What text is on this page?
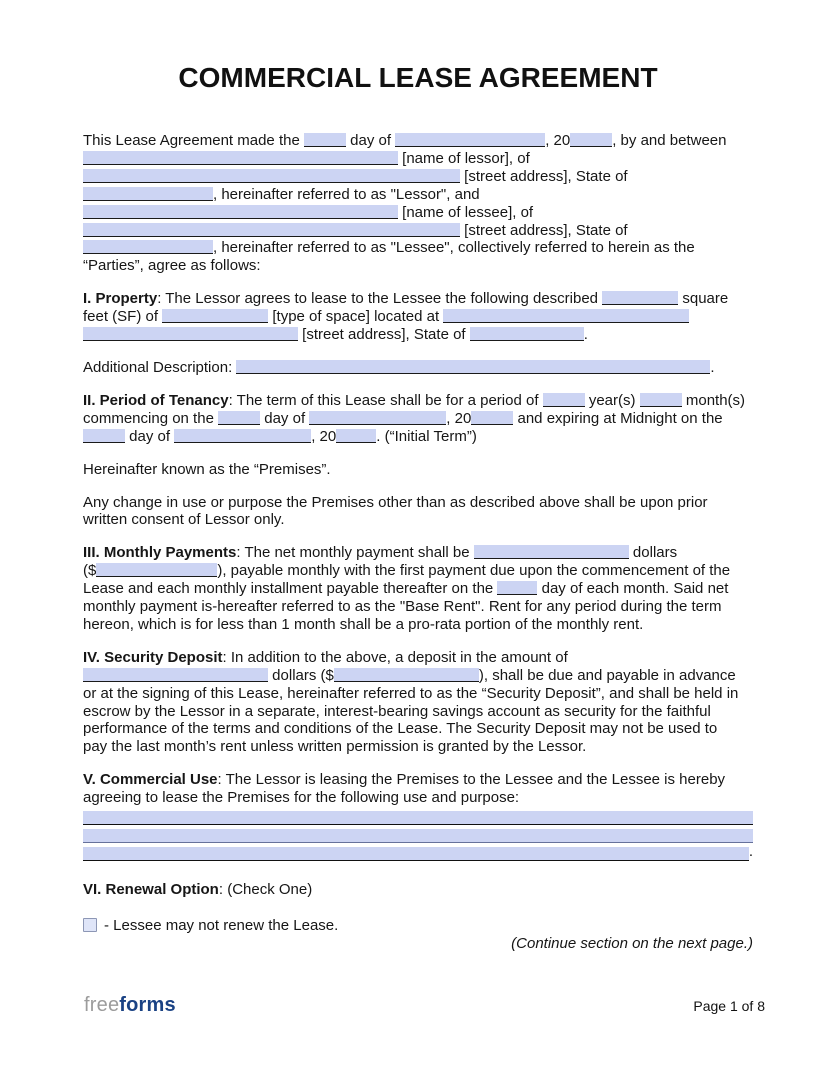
COMMERCIAL LEASE AGREEMENT
This Lease Agreement made the	day of	, 20	, by and between
[name of lessor], of
[street address], State of
, hereinafter referred to as "Lessor", and
[name of lessee], of
[street address], State of
, hereinafter referred to as "Lessee", collectively referred to herein as the
“Parties”, agree as follows:
I. Property: The Lessor agrees to lease to the Lessee the following described	square
feet (SF) of	[type of space] located at
[street address], State of	.
Additional Description:	.
II. Period of Tenancy: The term of this Lease shall be for a period of	year(s)	month(s)
commencing on the	day of	, 20	and expiring at Midnight on the
day of	, 20	. (“Initial Term”)
Hereinafter known as the “Premises”.
Any change in use or purpose the Premises other than as described above shall be upon prior
written consent of Lessor only.
III. Monthly Payments: The net monthly payment shall be	dollars
($	), payable monthly with the first payment due upon the commencement of the
Lease and each monthly installment payable thereafter on the	day of each month. Said net
monthly payment is-hereafter referred to as the "Base Rent". Rent for any period during the term
hereon, which is for less than 1 month shall be a pro-rata portion of the monthly rent.
IV. Security Deposit: In addition to the above, a deposit in the amount of
dollars ($	), shall be due and payable in advance
or at the signing of this Lease, hereinafter referred to as the “Security Deposit”, and shall be held in
escrow by the Lessor in a separate, interest-bearing savings account as security for the faithful
performance of the terms and conditions of the Lease. The Security Deposit may not be used to
pay the last month’s rent unless written permission is granted by the Lessor.
V. Commercial Use: The Lessor is leasing the Premises to the Lessee and the Lessee is hereby
agreeing to lease the Premises for the following use and purpose:
.
VI. Renewal Option: (Check One)
- Lessee may not renew the Lease.
(Continue section on the next page.)
freeforms	Page 1 of 8
